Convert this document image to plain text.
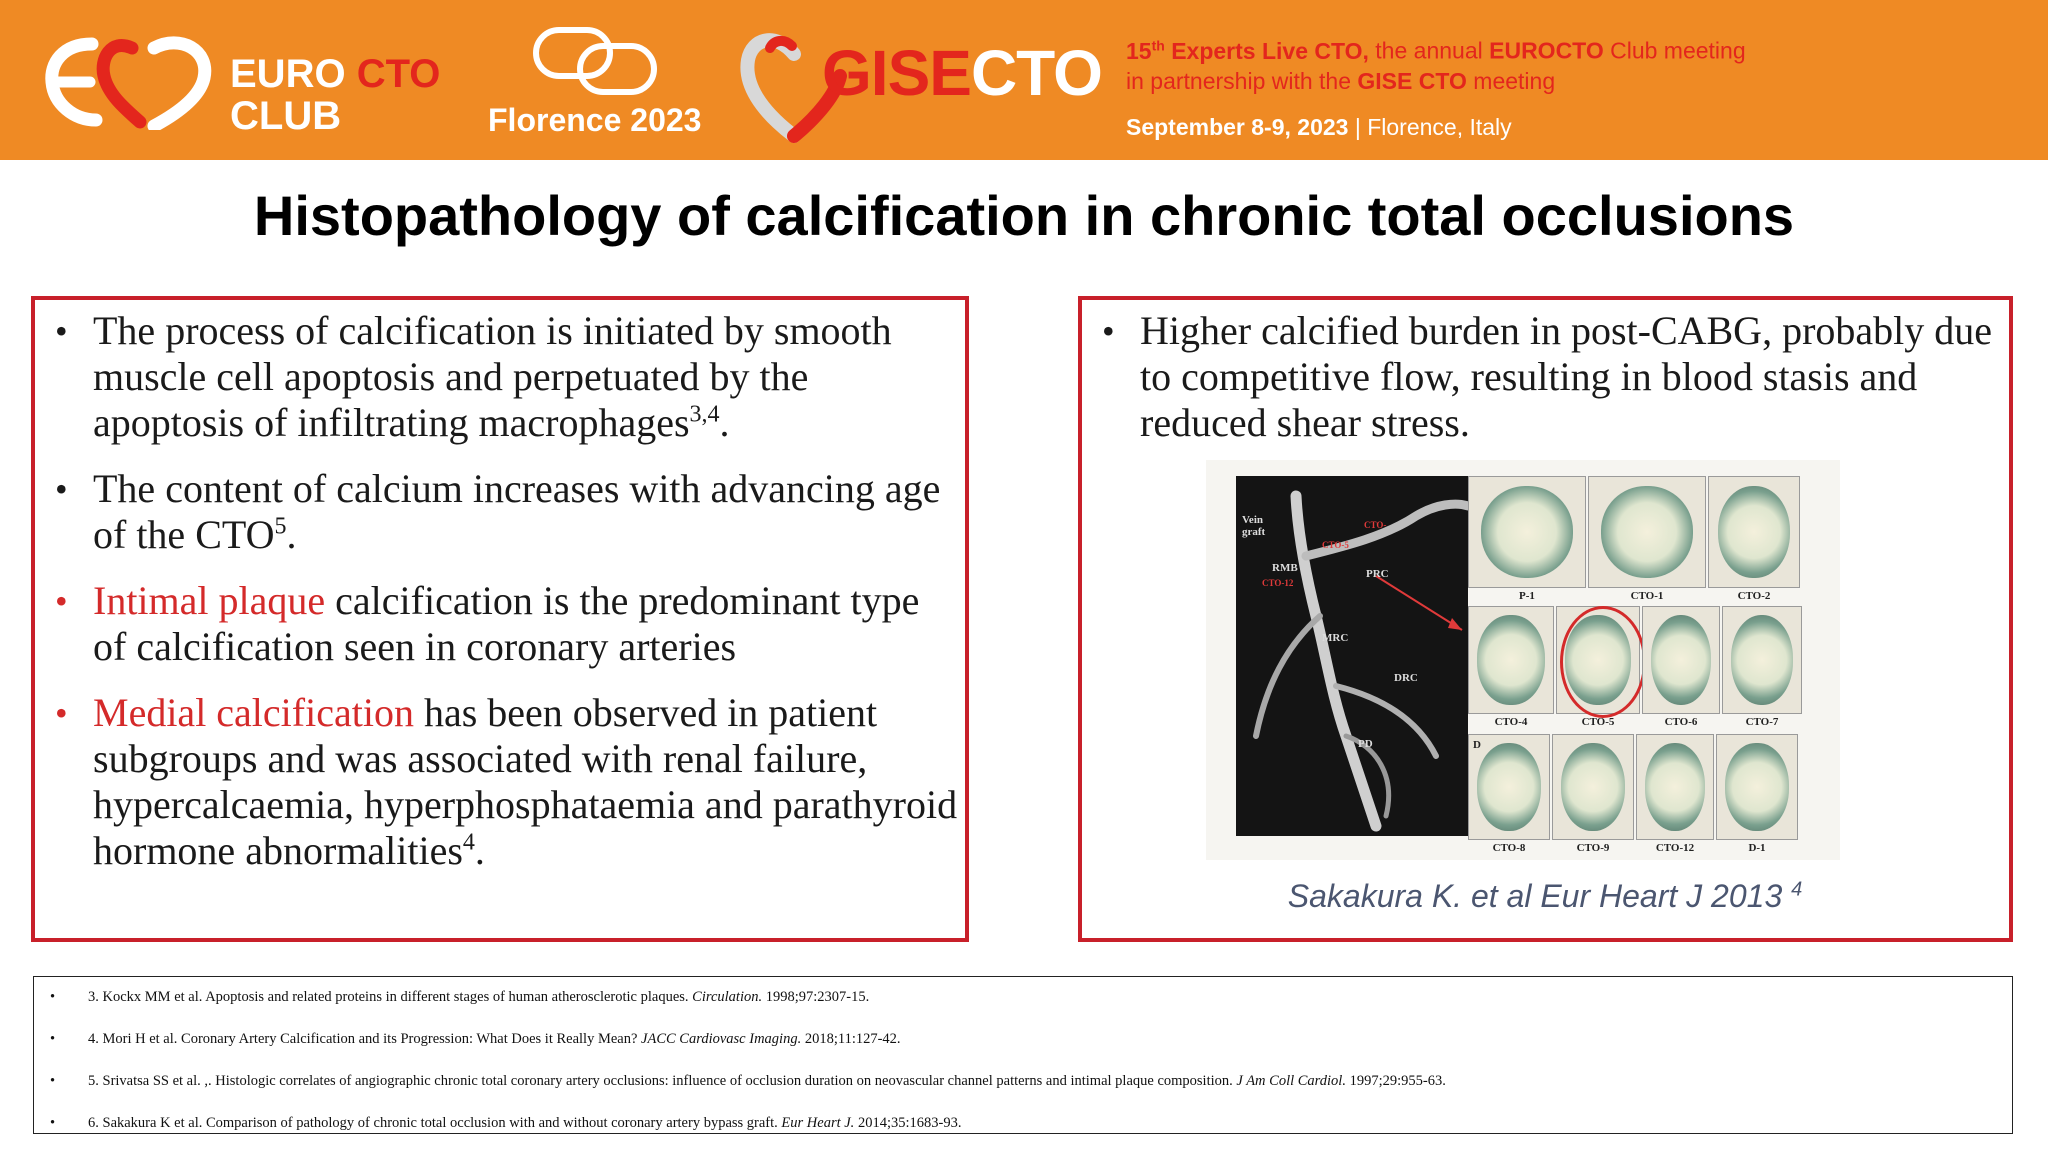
EURO CTO
CLUB	Florence 2023
GISECTO 15th Experts Live CTO, the annual EUROCTO Club meeting
in partnership with the GISE CTO meeting
September 8-9, 2023 | Florence, Italy
Histopathology of calcification in chronic total occlusions
• The process of calcification is initiated by smooth muscle cell apoptosis and perpetuated by the apoptosis of infiltrating macrophages$^{3,4}$.
• The content of calcium increases with advancing age of the CTO$^5$.
• Intimal plaque calcification is the predominant type of calcification seen in coronary arteries
• Medial calcification has been observed in patient subgroups and was associated with renal failure, hypercalcaemia, hyperphosphataemia and parathyroid hormone abnormalities$^4$.
• Higher calcified burden in post-CABG, probably due to competitive flow, resulting in blood stasis and reduced shear stress.
Vein
graft
CTO-5
CTO-
RMB
CTO-12
PRC
MRC
DRC
PD
P-1	CTO-1	CTO-2
CTO-4	CTO-5	CTO-6	CTO-7
D
CTO-8	CTO-9	CTO-12	D-1
Sakakura K. et al Eur Heart J 2013 $^4$
• 3. Kockx MM et al. Apoptosis and related proteins in different stages of human atherosclerotic plaques. Circulation. 1998;97:2307-15.
• 4. Mori H et al. Coronary Artery Calcification and its Progression: What Does it Really Mean? JACC Cardiovasc Imaging. 2018;11:127-42.
• 5. Srivatsa SS et al. ,. Histologic correlates of angiographic chronic total coronary artery occlusions: influence of occlusion duration on neovascular channel patterns and intimal plaque composition. J Am Coll Cardiol. 1997;29:955-63.
• 6. Sakakura K et al. Comparison of pathology of chronic total occlusion with and without coronary artery bypass graft. Eur Heart J. 2014;35:1683-93.
